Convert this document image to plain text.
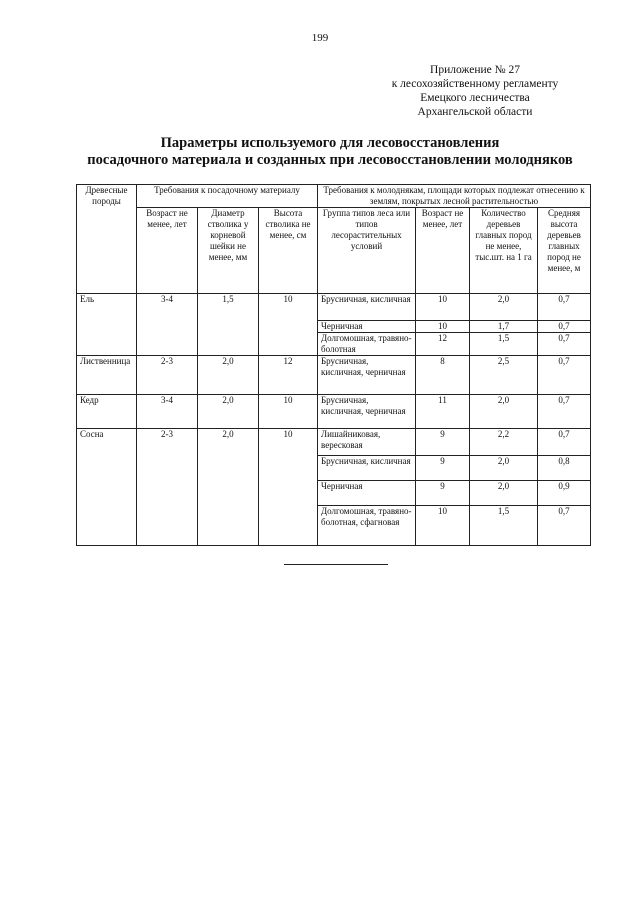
199
Приложение № 27
к лесохозяйственному регламенту
Емецкого лесничества
Архангельской области
Параметры используемого для лесовосстановления
посадочного материала и созданных при лесовосстановлении молодняков
Древесные породы	Требования к посадочному материалу			Требования к молоднякам, площади которых подлежат отнесению к землям, покрытых лесной растительностью			
	Возраст не менее, лет	Диаметр стволика у корневой шейки не менее, мм	Высота стволика не менее, см	Группа типов леса или типов лесорастительных условий	Возраст не менее, лет	Количество деревьев главных пород не менее, тыс.шт. на 1 га	Средняя высота деревьев главных пород не менее, м
Ель	3-4	1,5	10	Брусничная, кисличная	10	2,0	0,7
				Черничная	10	1,7	0,7
				Долгомошная, травяно-болотная	12	1,5	0,7
Лиственница	2-3	2,0	12	Брусничная, кисличная, черничная	8	2,5	0,7
Кедр	3-4	2,0	10	Брусничная, кисличная, черничная	11	2,0	0,7
Сосна	2-3	2,0	10	Лишайниковая, вересковая	9	2,2	0,7
				Брусничная, кисличная	9	2,0	0,8
				Черничная	9	2,0	0,9
				Долгомошная, травяно-болотная, сфагновая	10	1,5	0,7
